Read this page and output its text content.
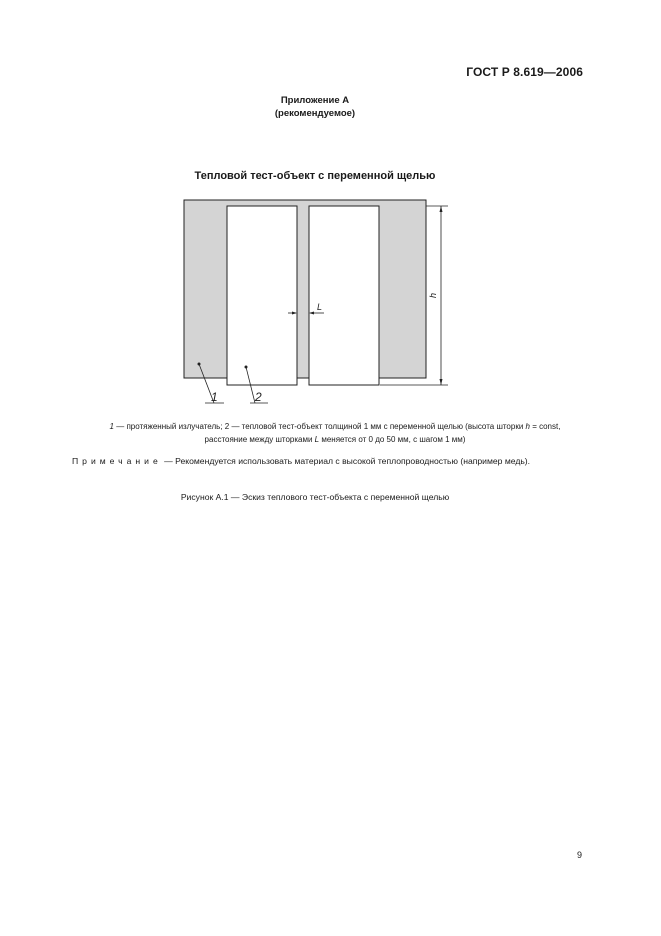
ГОСТ Р 8.619—2006
Приложение А
(рекомендуемое)
Тепловой тест-объект с переменной щелью
L
h
1	2
1 — протяженный излучатель; 2 — тепловой тест-объект толщиной 1 мм с переменной щелью (высота шторки h = const,
расстояние между шторками L меняется от 0 до 50 мм, с шагом 1 мм)
Примечание — Рекомендуется использовать материал с высокой теплопроводностью (например медь).
Рисунок А.1 — Эскиз теплового тест-объекта с переменной щелью
9
